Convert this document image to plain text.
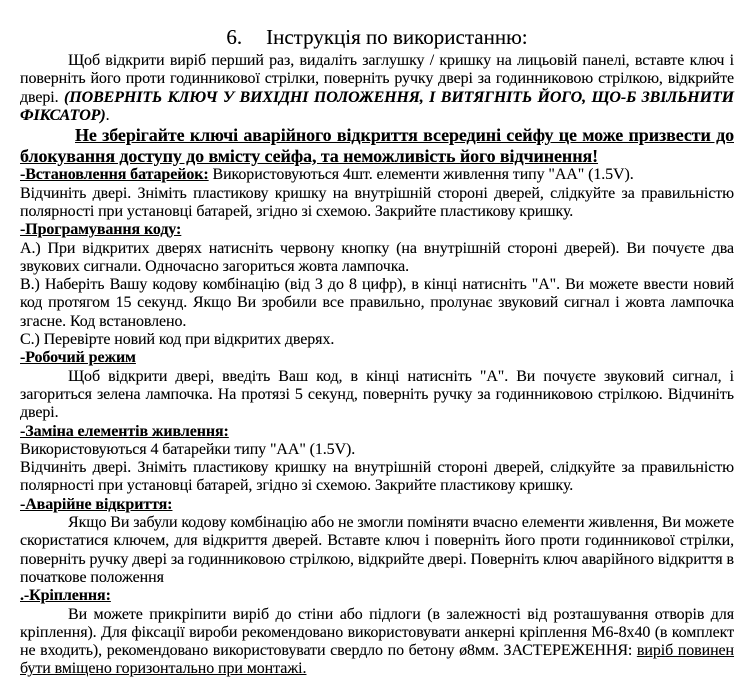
6. Інструкція по використанню:

Щоб відкрити виріб перший раз, видаліть заглушку / кришку на лицьовій панелі, вставте ключ і поверніть його проти годинникової стрілки, поверніть ручку двері за годинниковою стрілкою, відкрийте двері. (ПОВЕРНІТЬ КЛЮЧ У ВИХІДНІ ПОЛОЖЕННЯ, І ВИТЯГНІТЬ ЙОГО, ЩО-Б ЗВІЛЬНИТИ ФІКСАТОР).

Не зберігайте ключі аварійного відкриття всередині сейфу це може призвести до блокування доступу до вмісту сейфа, та неможливість його відчинення!

-Встановлення батарейок: Використовуються 4шт. елементи живлення типу "АА" (1.5V).

Відчиніть двері. Зніміть пластикову кришку на внутрішній стороні дверей, слідкуйте за правильністю полярності при установці батарей, згідно зі схемою. Закрийте пластикову кришку.

-Програмування коду:

А.) При відкритих дверях натисніть червону кнопку (на внутрішній стороні дверей). Ви почуєте два звукових сигнали. Одночасно загориться жовта лампочка.

В.) Наберіть Вашу кодову комбінацію (від 3 до 8 цифр), в кінці натисніть "А". Ви можете ввести новий код протягом 15 секунд. Якщо Ви зробили все правильно, пролунає звуковий сигнал і жовта лампочка згасне. Код встановлено.

С.) Перевірте новий код при відкритих дверях.

-Робочий режим

Щоб відкрити двері, введіть Ваш код, в кінці натисніть "А". Ви почуєте звуковий сигнал, і загориться зелена лампочка. На протязі 5 секунд, поверніть ручку за годинниковою стрілкою. Відчиніть двері.

-Заміна елементів живлення:

Використовуються 4 батарейки типу "АА" (1.5V).

Відчиніть двері. Зніміть пластикову кришку на внутрішній стороні дверей, слідкуйте за правильністю полярності при установці батарей, згідно зі схемою. Закрийте пластикову кришку.

-Аварійне відкриття:

Якщо Ви забули кодову комбінацію або не змогли поміняти вчасно елементи живлення, Ви можете скористатися ключем, для відкриття дверей. Вставте ключ і поверніть його проти годинникової стрілки, поверніть ручку двері за годинниковою стрілкою, відкрийте двері. Поверніть ключ аварійного відкриття в початкове положення

.-Кріплення:

Ви можете прикріпити виріб до стіни або підлоги (в залежності від розташування отворів для кріплення). Для фіксації вироби рекомендовано використовувати анкерні кріплення М6-8х40 (в комплект не входить), рекомендовано використовувати свердло по бетону ø8мм. ЗАСТЕРЕЖЕННЯ: виріб повинен бути вміщено горизонтально при монтажі.
